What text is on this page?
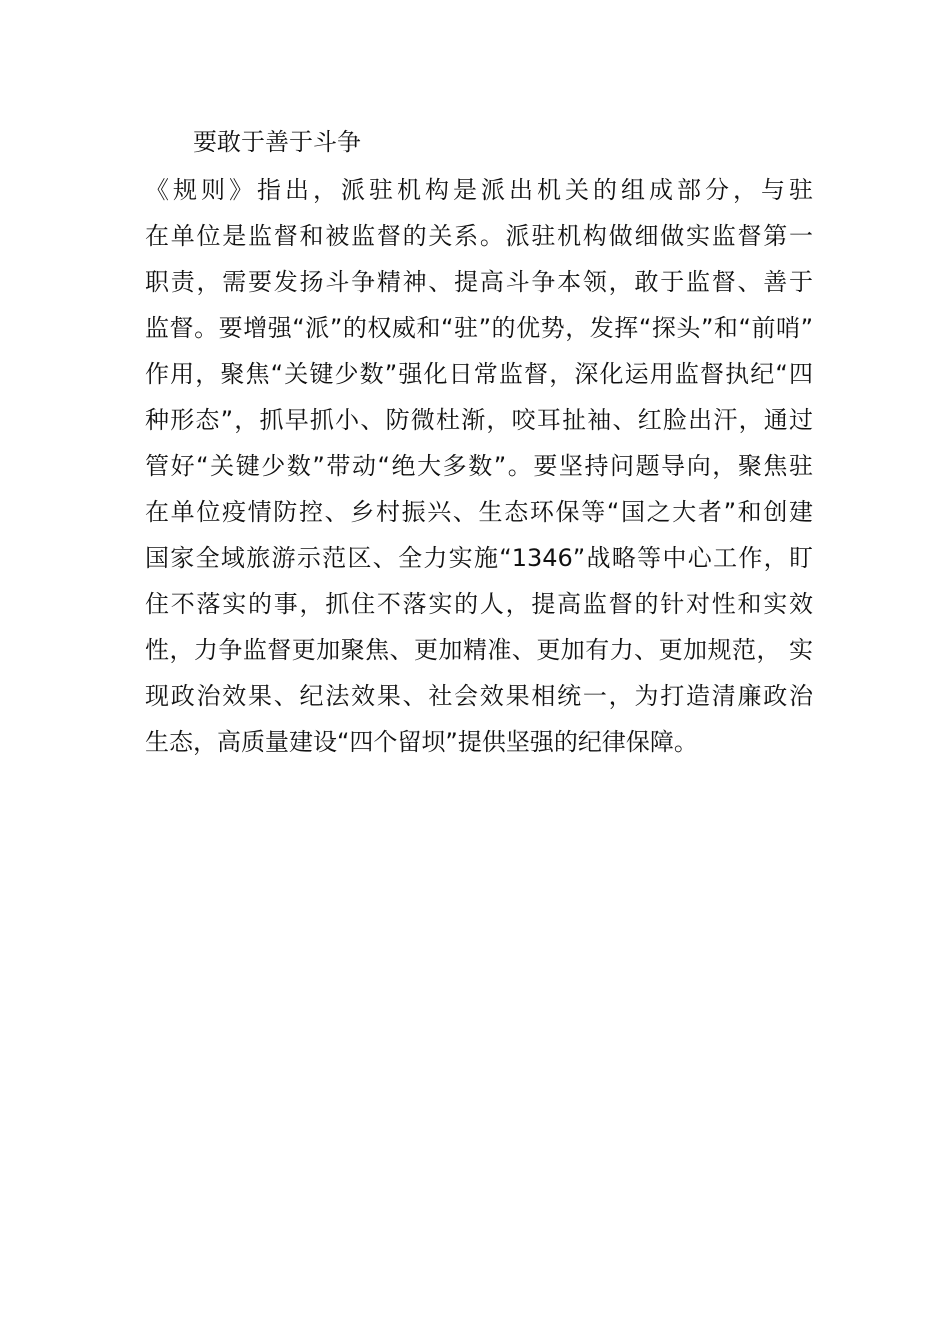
要敢于善于斗争
《规则》指出，派驻机构是派出机关的组成部分，与驻
在单位是监督和被监督的关系。派驻机构做细做实监督第一
职责，需要发扬斗争精神、提高斗争本领，敢于监督、善于
监督。要增强“派”的权威和“驻”的优势，发挥“探头”和“前哨”
作用，聚焦“关键少数”强化日常监督，深化运用监督执纪“四
种形态”，抓早抓小、防微杜渐，咬耳扯袖、红脸出汗，通过
管好“关键少数”带动“绝大多数”。要坚持问题导向，聚焦驻
在单位疫情防控、乡村振兴、生态环保等“国之大者”和创建
国家全域旅游示范区、全力实施“1346”战略等中心工作，盯
住不落实的事，抓住不落实的人，提高监督的针对性和实效
性，力争监督更加聚焦、更加精准、更加有力、更加规范， 实
现政治效果、纪法效果、社会效果相统一，为打造清廉政治
生态，高质量建设“四个留坝”提供坚强的纪律保障。
